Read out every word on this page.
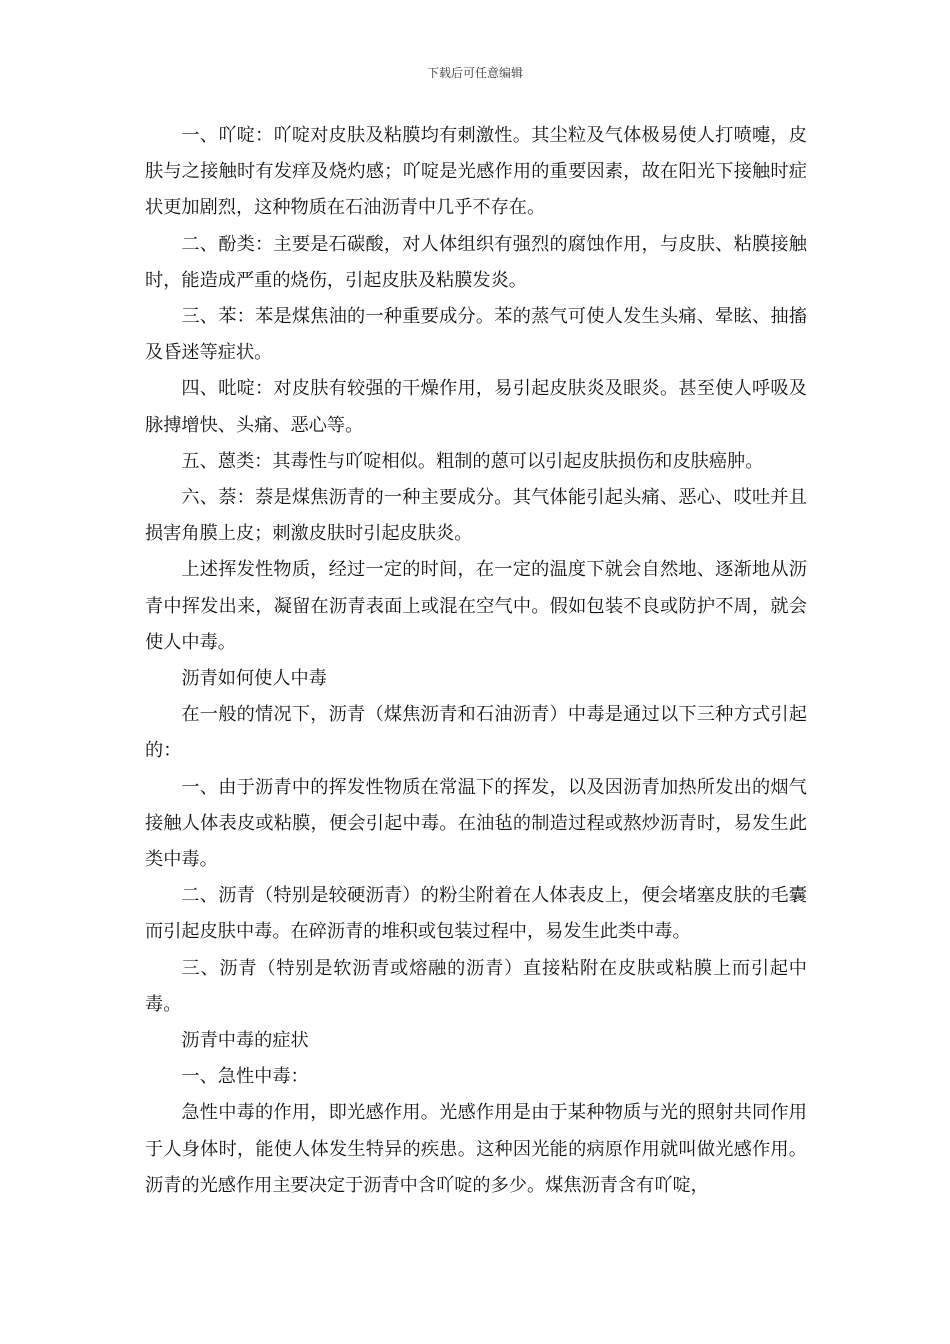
下载后可任意编辑

一、吖啶：吖啶对皮肤及粘膜均有刺激性。其尘粒及气体极易使人打喷嚏，皮肤与之接触时有发痒及烧灼感；吖啶是光感作用的重要因素，故在阳光下接触时症状更加剧烈，这种物质在石油沥青中几乎不存在。

二、酚类：主要是石碳酸，对人体组织有强烈的腐蚀作用，与皮肤、粘膜接触时，能造成严重的烧伤，引起皮肤及粘膜发炎。

三、苯：苯是煤焦油的一种重要成分。苯的蒸气可使人发生头痛、晕眩、抽搐及昏迷等症状。

四、吡啶：对皮肤有较强的干燥作用，易引起皮肤炎及眼炎。甚至使人呼吸及脉搏增快、头痛、恶心等。

五、蒽类：其毒性与吖啶相似。粗制的蒽可以引起皮肤损伤和皮肤癌肿。

六、萘：萘是煤焦沥青的一种主要成分。其气体能引起头痛、恶心、哎吐并且损害角膜上皮；刺激皮肤时引起皮肤炎。

上述挥发性物质，经过一定的时间，在一定的温度下就会自然地、逐渐地从沥青中挥发出来，凝留在沥青表面上或混在空气中。假如包装不良或防护不周，就会使人中毒。

沥青如何使人中毒

在一般的情况下，沥青（煤焦沥青和石油沥青）中毒是通过以下三种方式引起的：

一、由于沥青中的挥发性物质在常温下的挥发，以及因沥青加热所发出的烟气接触人体表皮或粘膜，便会引起中毒。在油毡的制造过程或熬炒沥青时，易发生此类中毒。

二、沥青（特别是较硬沥青）的粉尘附着在人体表皮上，便会堵塞皮肤的毛囊而引起皮肤中毒。在碎沥青的堆积或包装过程中，易发生此类中毒。

三、沥青（特别是软沥青或熔融的沥青）直接粘附在皮肤或粘膜上而引起中毒。

沥青中毒的症状

一、急性中毒：

急性中毒的作用，即光感作用。光感作用是由于某种物质与光的照射共同作用于人身体时，能使人体发生特异的疾患。这种因光能的病原作用就叫做光感作用。沥青的光感作用主要决定于沥青中含吖啶的多少。煤焦沥青含有吖啶，
